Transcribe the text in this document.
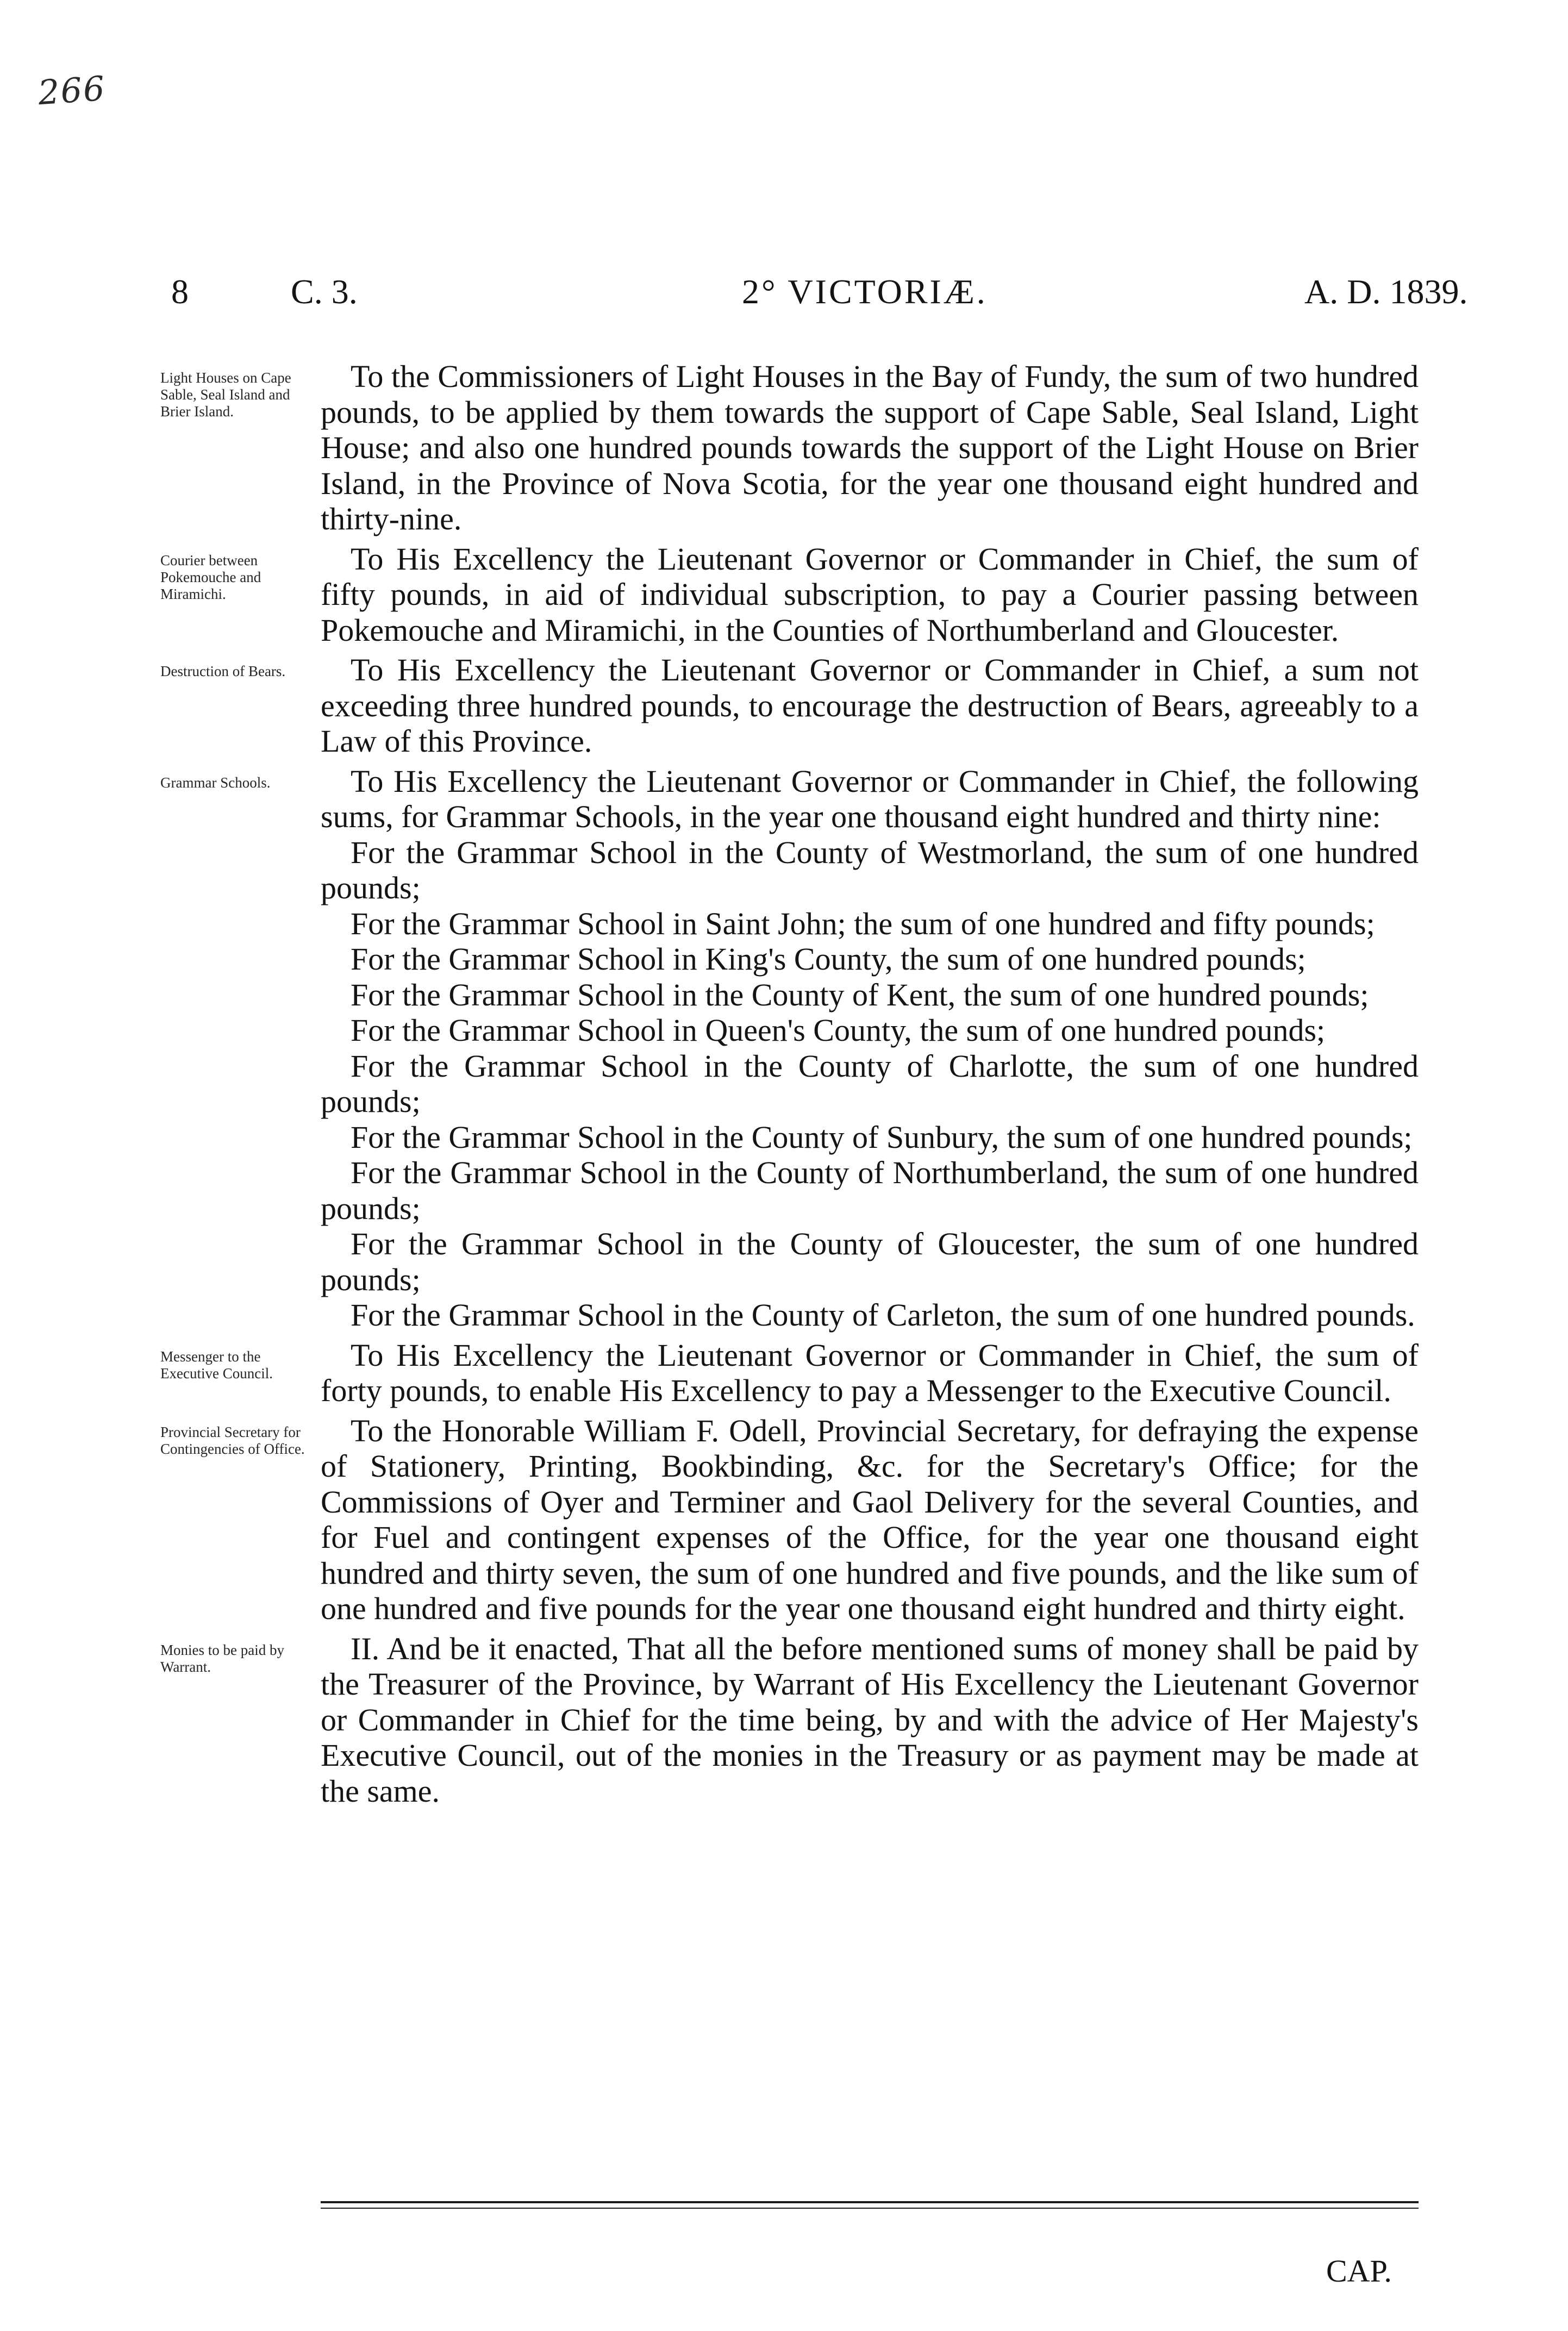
266
8	C. 3.	2° VICTORIÆ.	A. D. 1839.
Light Houses on Cape Sable, Seal Island and Brier Island.

To the Commissioners of Light Houses in the Bay of Fundy, the sum of two hundred pounds, to be applied by them towards the support of Cape Sable, Seal Island, Light House; and also one hundred pounds towards the support of the Light House on Brier Island, in the Province of Nova Scotia, for the year one thousand eight hundred and thirty-nine.

Courier between Pokemouche and Miramichi.

To His Excellency the Lieutenant Governor or Commander in Chief, the sum of fifty pounds, in aid of individual subscription, to pay a Courier passing between Pokemouche and Miramichi, in the Counties of Northumberland and Gloucester.

Destruction of Bears.	To His Excellency the Lieutenant Governor or Commander in Chief, a sum not exceeding three hundred pounds, to encourage the destruction of Bears, agreeably to a Law of this Province.

Grammar Schools.	To His Excellency the Lieutenant Governor or Commander in Chief, the following sums, for Grammar Schools, in the year one thousand eight hundred and thirty nine:

For the Grammar School in the County of Westmorland, the sum of one hundred pounds;

For the Grammar School in Saint John; the sum of one hundred and fifty pounds;

For the Grammar School in King's County, the sum of one hundred pounds;

For the Grammar School in the County of Kent, the sum of one hundred pounds;

For the Grammar School in Queen's County, the sum of one hundred pounds;

For the Grammar School in the County of Charlotte, the sum of one hundred pounds;

For the Grammar School in the County of Sunbury, the sum of one hundred pounds;

For the Grammar School in the County of Northumberland, the sum of one hundred pounds;

For the Grammar School in the County of Gloucester, the sum of one hundred pounds;

For the Grammar School in the County of Carleton, the sum of one hundred pounds.

Messenger to the Executive Council.

To His Excellency the Lieutenant Governor or Commander in Chief, the sum of forty pounds, to enable His Excellency to pay a Messenger to the Executive Council.

Provincial Secretary for Contingencies of Office.

To the Honorable William F. Odell, Provincial Secretary, for defraying the expense of Stationery, Printing, Bookbinding, &c. for the Secretary's Office; for the Commissions of Oyer and Terminer and Gaol Delivery for the several Counties, and for Fuel and contingent expenses of the Office, for the year one thousand eight hundred and thirty seven, the sum of one hundred and five pounds, and the like sum of one hundred and five pounds for the year one thousand eight hundred and thirty eight.

Monies to be paid by Warrant.

II. And be it enacted, That all the before mentioned sums of money shall be paid by the Treasurer of the Province, by Warrant of His Excellency the Lieutenant Governor or Commander in Chief for the time being, by and with the advice of Her Majesty's Executive Council, out of the monies in the Treasury or as payment may be made at the same.

CAP.
